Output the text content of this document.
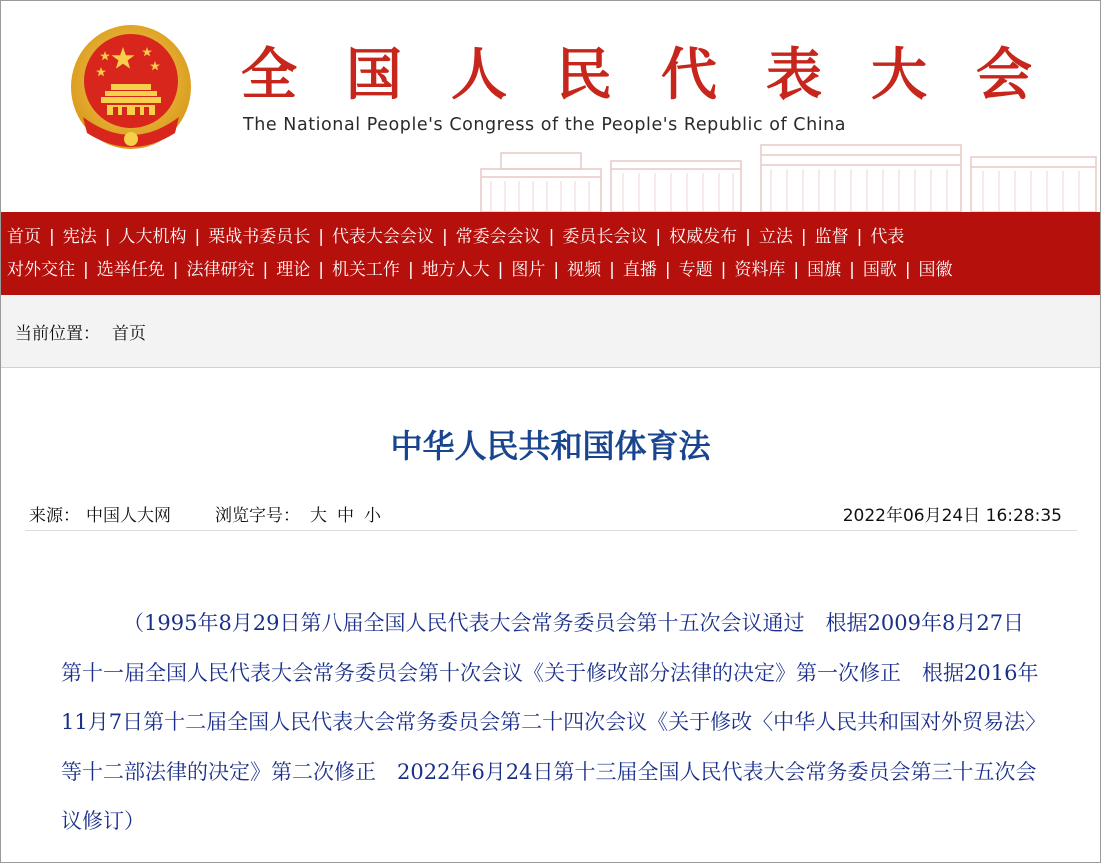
全国人民代表大会
The National People's Congress of the People's Republic of China
首页 | 宪法 | 人大机构 | 栗战书委员长 | 代表大会会议 | 常委会会议 | 委员长会议 | 权威发布 | 立法 | 监督 | 代表
对外交往 | 选举任免 | 法律研究 | 理论 | 机关工作 | 地方人大 | 图片 | 视频 | 直播 | 专题 | 资料库 | 国旗 | 国歌 | 国徽
当前位置： 首页
中华人民共和国体育法
来源： 中国人大网	浏览字号： 大 中 小	2022年06月24日 16:28:35

（1995年8月29日第八届全国人民代表大会常务委员会第十五次会议通过　根据2009年8月27日第十一届全国人民代表大会常务委员会第十次会议《关于修改部分法律的决定》第一次修正　根据2016年11月7日第十二届全国人民代表大会常务委员会第二十四次会议《关于修改〈中华人民共和国对外贸易法〉等十二部法律的决定》第二次修正　2022年6月24日第十三届全国人民代表大会常务委员会第三十五次会议修订）
